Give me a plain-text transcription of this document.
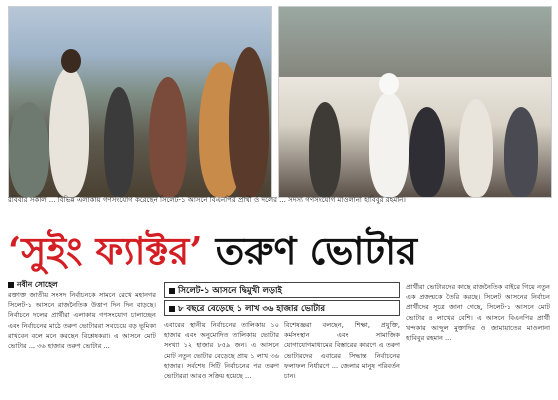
রবিবার সকাল ... বিভিন্ন এলাকায় গণসংযোগ করেছেন সিলেট-১ আসনে বিএনপির প্রার্থী ও দলের ... সদস্য গণসংযোগ মাওলানা হাবিবুর রহমান।
‘সুইং ফ্যাক্টর’ তরুণ ভোটার
নবীন সোহেল
রক্তাক্ত জাতীয় সংসদ নির্বাচনকে সামনে রেখে মহানগর সিলেট-১ আসনে রাজনৈতিক উত্তাপ দিন দিন বাড়ছে। নির্বাচনে দলের প্রার্থীরা এলাকায় গণসংযোগ চালাচ্ছেন এবং নির্বাচনের মাঠে তরুণ ভোটাররা সবচেয়ে বড় ভূমিকা রাখবেন বলে মনে করছেন বিশ্লেষকরা। এ আসনে মোট ভোটার ... ৩৬ হাজার তরুণ ভোটার ...
সিলেট-১ আসনে দ্বিমুখী লড়াই
৮ বছরে বেড়েছে ১ লাখ ৩৬ হাজার ভোটার
এবারের স্থানীয় নির্বাচনের তালিকায় ১০ হাজার এবং অনুমোদিত তালিকায় ভোটার সংখ্যা ১২ হাজার ৮৫৯ জন। এ আসনে মোট নতুন ভোটার বেড়েছে প্রায় ১ লাখ ৩৬ হাজার। সর্বশেষ সিটি নির্বাচনের পর তরুণ ভোটাররা আরও সক্রিয় হয়েছে ...
বিশেষজ্ঞরা বলছেন, শিক্ষা, প্রযুক্তি, কর্মসংস্থান এবং সামাজিক যোগাযোগমাধ্যমের বিস্তারের কারণে এ তরুণ ভোটারদের এবারের সিদ্ধান্ত নির্বাচনের ফলাফল নির্ধারণে ... জেলার মানুষ পরিবর্তন চান।
প্রার্থীরা ভোটারদের কাছে রাজনৈতিক বাইরে গিয়ে নতুন এক প্রজন্মকে তৈরি করছে। সিলেট আসনের নির্বাচন প্রার্থীদের সূত্রে জানা গেছে, সিলেট-১ আসনে মোট ভোটার ৪ লাখের বেশি। এ আসনে বিএনপির প্রার্থী খন্দকার আব্দুল মুক্তাদির ও জামায়াতের মাওলানা হাবিবুর রহমান ...
